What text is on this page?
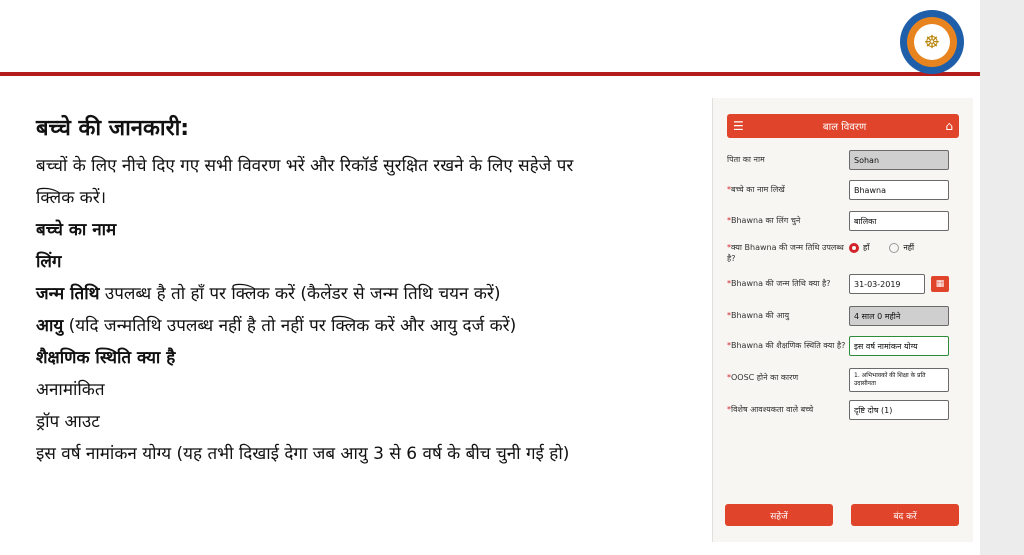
☸

बच्चे की जानकारी:

बच्चों के लिए नीचे दिए गए सभी विवरण भरें और रिकॉर्ड सुरक्षित रखने के लिए सहेजे पर

क्लिक करें।

बच्चे का नाम

लिंग

जन्म तिथि उपलब्ध है तो हाँ पर क्लिक करें (कैलेंडर से जन्म तिथि चयन करें)

आयु (यदि जन्मतिथि उपलब्ध नहीं है तो नहीं पर क्लिक करें और आयु दर्ज करें)

शैक्षणिक स्थिति क्या है

अनामांकित

ड्रॉप आउट

इस वर्ष नामांकन योग्य (यह तभी दिखाई देगा जब आयु 3 से 6 वर्ष के बीच चुनी गई हो)

☰	बाल विवरण	⌂
पिता का नाम	Sohan
*बच्चे का नाम लिखें	Bhawna
*Bhawna का लिंग चुने	बालिका
*क्या Bhawna की जन्म तिथि उपलब्ध है?
हाँ	नहीं
*Bhawna की जन्म तिथि क्या है?	31-03-2019	▦
*Bhawna की आयु	4 साल 0 महीने
*Bhawna की शैक्षणिक स्थिति क्या है?	इस वर्ष नामांकन योग्य
*OOSC होने का कारण	1. अभिभावकों की शिक्षा के प्रति उदासीनता
*विशेष आवश्यकता वाले बच्चे	दृष्टि दोष (1)
सहेजें	बंद करें
